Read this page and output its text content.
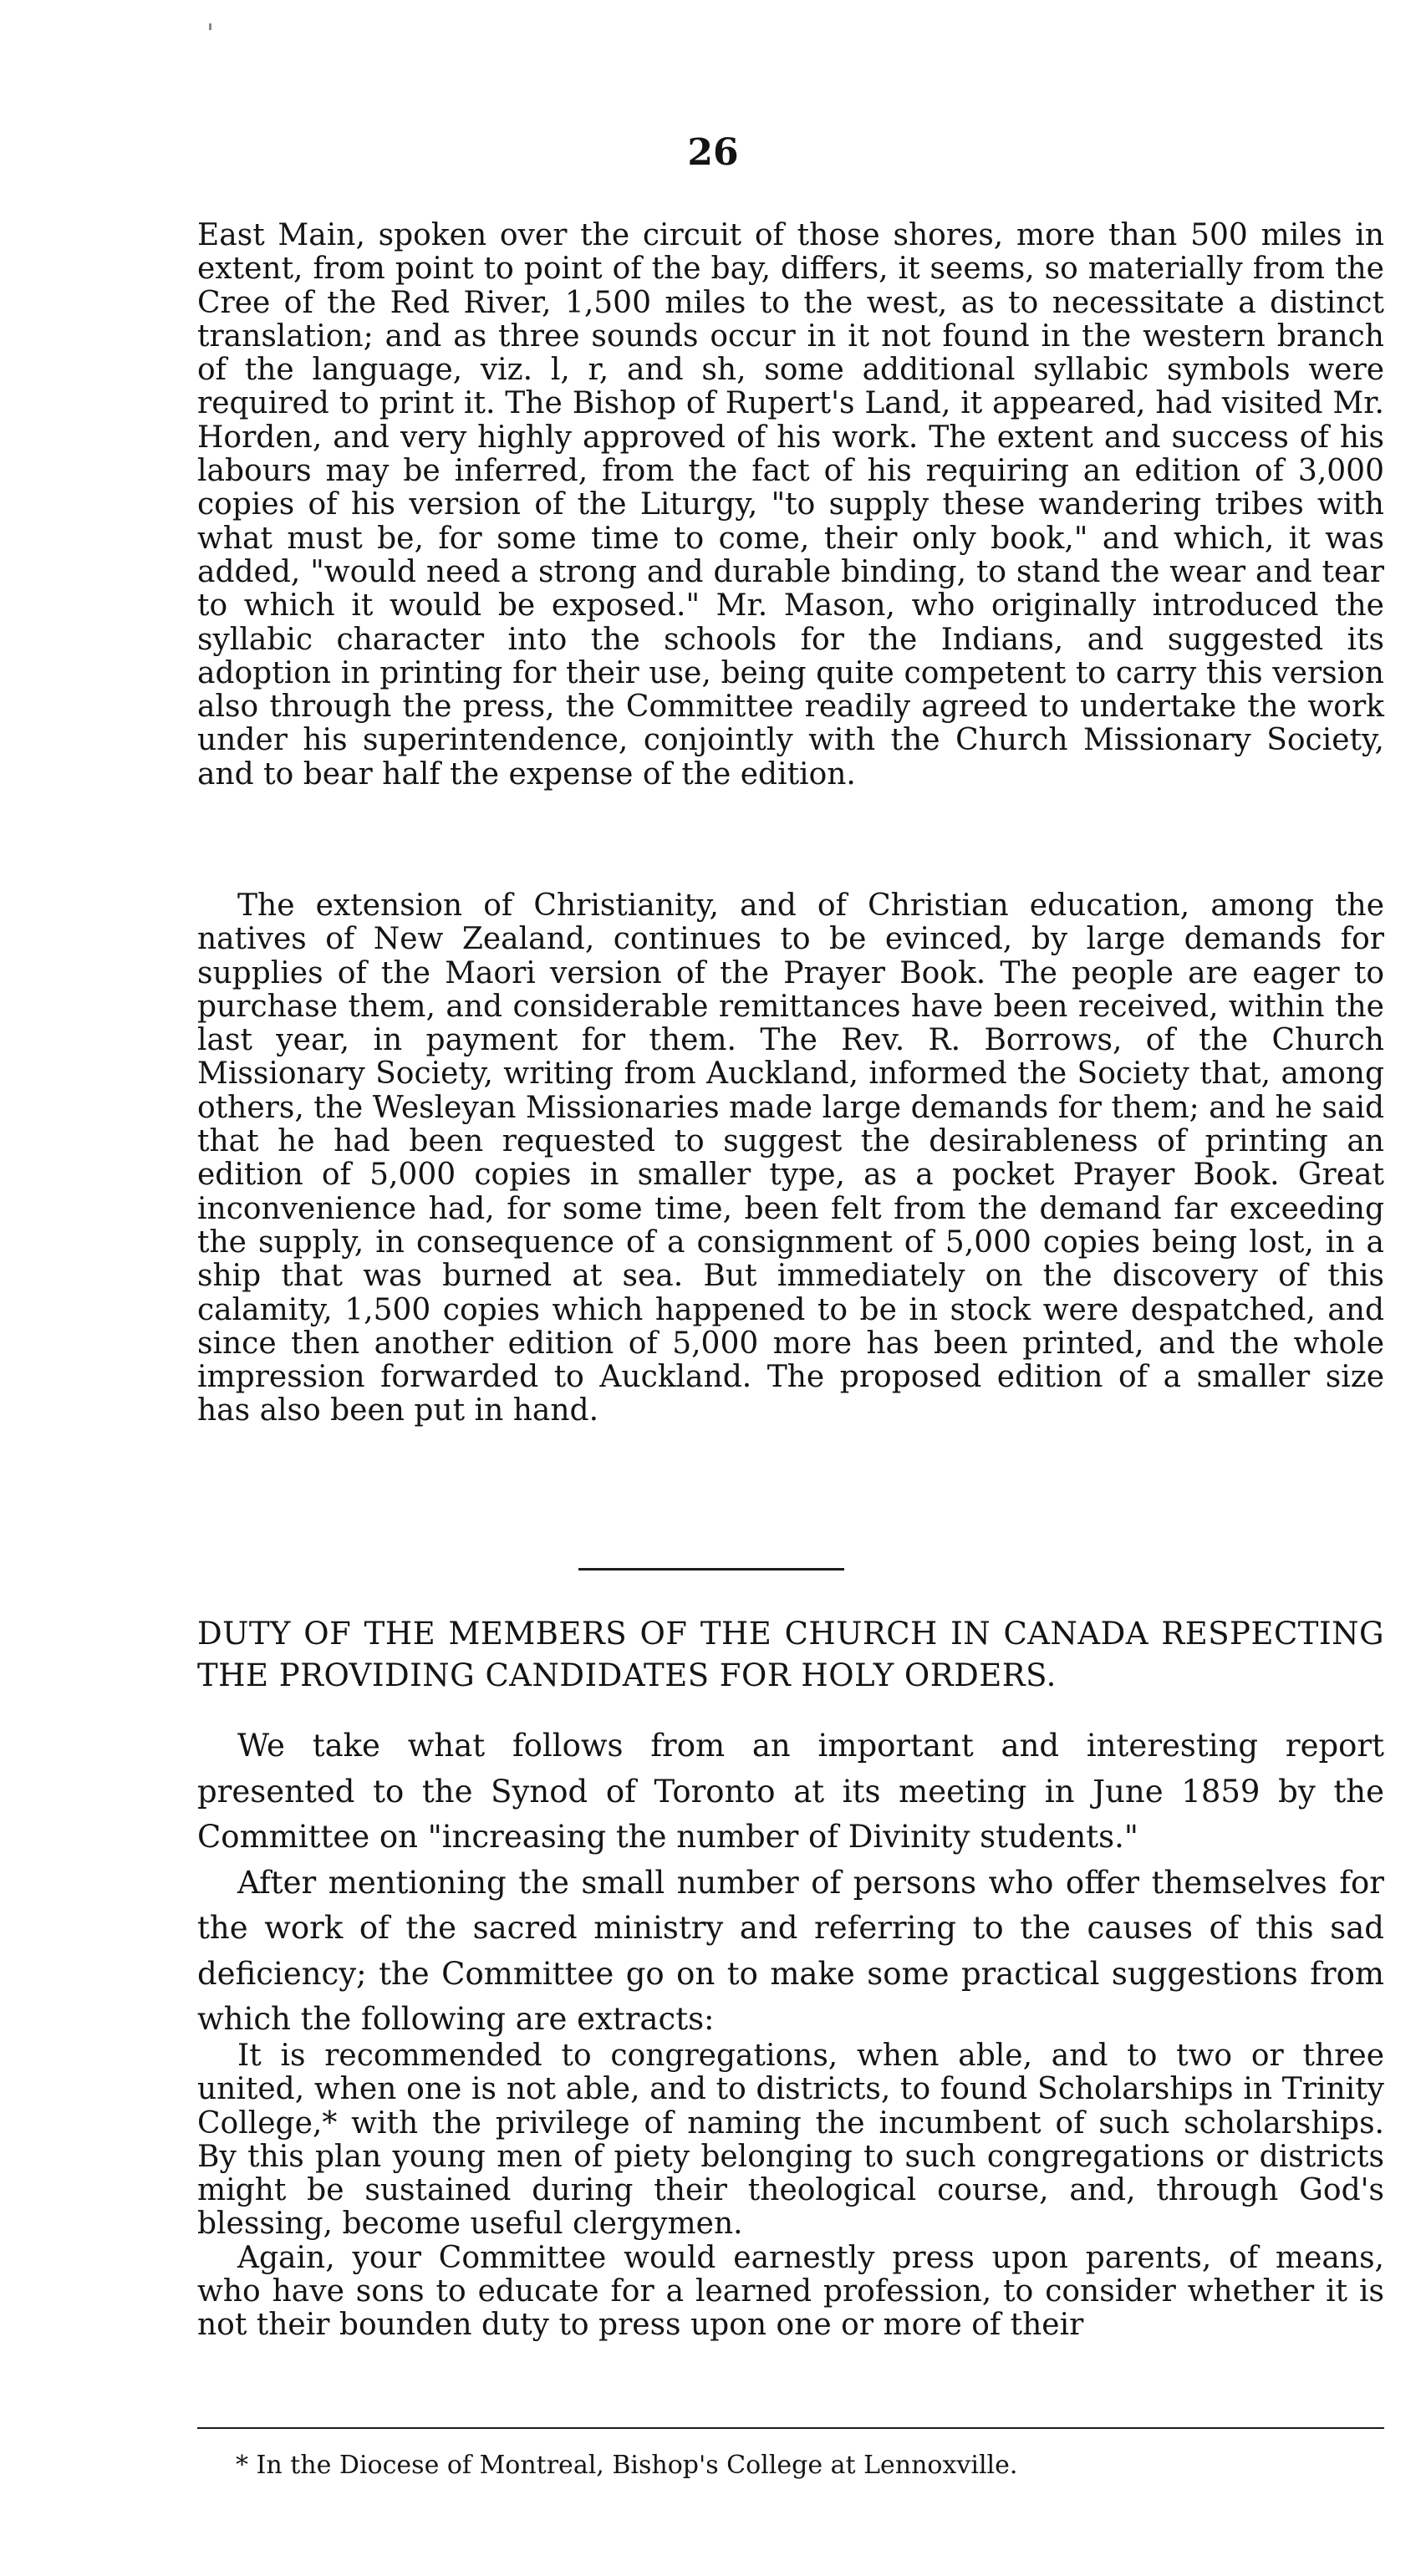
26

East Main, spoken over the circuit of those shores, more than 500 miles in extent, from point to point of the bay, differs, it seems, so materially from the Cree of the Red River, 1,500 miles to the west, as to necessitate a distinct translation; and as three sounds occur in it not found in the western branch of the language, viz. l, r, and sh, some additional syllabic symbols were required to print it. The Bishop of Rupert's Land, it appeared, had visited Mr. Horden, and very highly approved of his work. The extent and success of his labours may be inferred, from the fact of his requiring an edition of 3,000 copies of his version of the Liturgy, "to supply these wandering tribes with what must be, for some time to come, their only book," and which, it was added, "would need a strong and durable binding, to stand the wear and tear to which it would be exposed." Mr. Mason, who originally introduced the syllabic character into the schools for the Indians, and suggested its adoption in printing for their use, being quite competent to carry this version also through the press, the Committee readily agreed to undertake the work under his superintendence, conjointly with the Church Missionary Society, and to bear half the expense of the edition.

The extension of Christianity, and of Christian education, among the natives of New Zealand, continues to be evinced, by large demands for supplies of the Maori version of the Prayer Book. The people are eager to purchase them, and considerable remittances have been received, within the last year, in payment for them. The Rev. R. Borrows, of the Church Missionary Society, writing from Auckland, informed the Society that, among others, the Wesleyan Missionaries made large demands for them; and he said that he had been requested to suggest the desirableness of printing an edition of 5,000 copies in smaller type, as a pocket Prayer Book. Great inconvenience had, for some time, been felt from the demand far exceeding the supply, in consequence of a consignment of 5,000 copies being lost, in a ship that was burned at sea. But immediately on the discovery of this calamity, 1,500 copies which happened to be in stock were despatched, and since then another edition of 5,000 more has been printed, and the whole impression forwarded to Auckland. The proposed edition of a smaller size has also been put in hand.

DUTY OF THE MEMBERS OF THE CHURCH IN CANADA RESPECTING THE PROVIDING CANDIDATES FOR HOLY ORDERS.

We take what follows from an important and interesting report presented to the Synod of Toronto at its meeting in June 1859 by the Committee on "increasing the number of Divinity students."

After mentioning the small number of persons who offer themselves for the work of the sacred ministry and referring to the causes of this sad deficiency; the Committee go on to make some practical suggestions from which the following are extracts:

It is recommended to congregations, when able, and to two or three united, when one is not able, and to districts, to found Scholarships in Trinity College,* with the privilege of naming the incumbent of such scholarships. By this plan young men of piety belonging to such congregations or districts might be sustained during their theological course, and, through God's blessing, become useful clergymen.

Again, your Committee would earnestly press upon parents, of means, who have sons to educate for a learned profession, to consider whether it is not their bounden duty to press upon one or more of their

* In the Diocese of Montreal, Bishop's College at Lennoxville.
